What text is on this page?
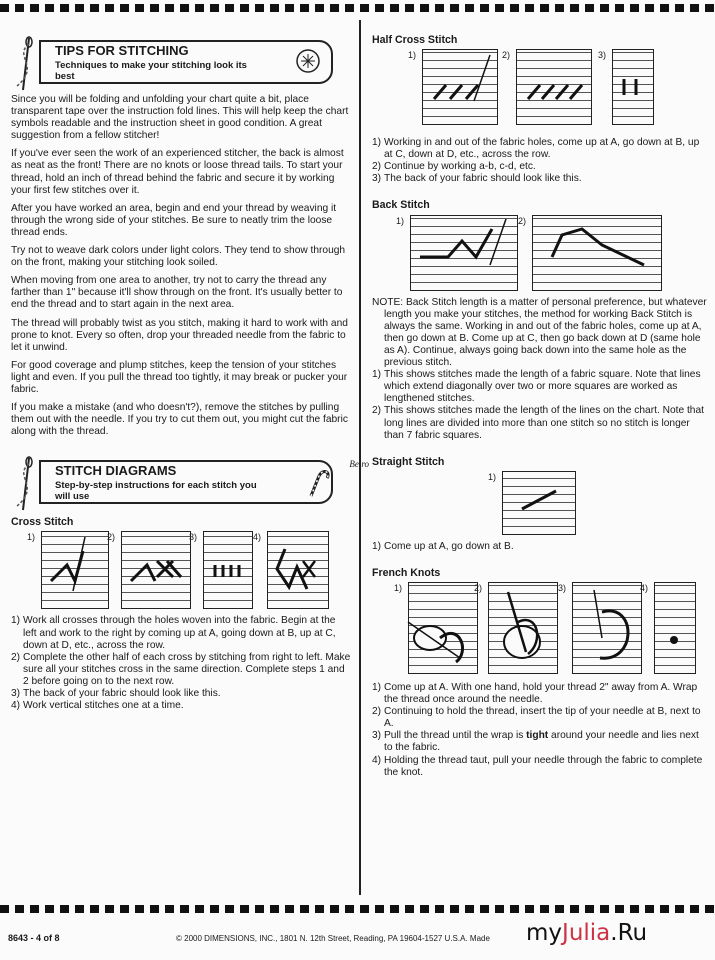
TIPS FOR STITCHING
Techniques to make your stitching look its best

Since you will be folding and unfolding your chart quite a bit, place transparent tape over the instruction fold lines. This will help keep the chart symbols readable and the instruction sheet in good condition. A great suggestion from a fellow stitcher!

If you've ever seen the work of an experienced stitcher, the back is almost as neat as the front! There are no knots or loose thread tails. To start your thread, hold an inch of thread behind the fabric and secure it by working your first few stitches over it.

After you have worked an area, begin and end your thread by weaving it through the wrong side of your stitches. Be sure to neatly trim the loose thread ends.

Try not to weave dark colors under light colors. They tend to show through on the front, making your stitching look soiled.

When moving from one area to another, try not to carry the thread any farther than 1" because it'll show through on the front. It's usually better to end the thread and to start again in the next area.

The thread will probably twist as you stitch, making it hard to work with and prone to knot. Every so often, drop your threaded needle from the fabric to let it unwind.

For good coverage and plump stitches, keep the tension of your stitches light and even. If you pull the thread too tightly, it may break or pucker your fabric.

If you make a mistake (and who doesn't?), remove the stitches by pulling them out with the needle. If you try to cut them out, you might cut the fabric along with the thread.

STITCH DIAGRAMS
Step-by-step instructions for each stitch you will use
Beiro
Cross Stitch
1)	2)	3)	4)
1) Work all crosses through the holes woven into the fabric. Begin at the left and work to the right by coming up at A, going down at B, up at C, down at D, etc., across the row.
2) Complete the other half of each cross by stitching from right to left. Make sure all your stitches cross in the same direction. Complete steps 1 and 2 before going on to the next row.
3) The back of your fabric should look like this.
4) Work vertical stitches one at a time.
Half Cross Stitch
1)	2)	3)
1) Working in and out of the fabric holes, come up at A, go down at B, up at C, down at D, etc., across the row.
2) Continue by working a-b, c-d, etc.
3) The back of your fabric should look like this.
Back Stitch
1)	2)

NOTE: Back Stitch length is a matter of personal preference, but whatever length you make your stitches, the method for working Back Stitch is always the same. Working in and out of the fabric holes, come up at A, then go down at B. Come up at C, then go back down at D (same hole as A). Continue, always going back down into the same hole as the previous stitch.

1) This shows stitches made the length of a fabric square. Note that lines which extend diagonally over two or more squares are worked as lengthened stitches.
2) This shows stitches made the length of the lines on the chart. Note that long lines are divided into more than one stitch so no stitch is longer than 7 fabric squares.
Straight Stitch
1)
1) Come up at A, go down at B.
French Knots
1)	2)	3)	4)
1) Come up at A. With one hand, hold your thread 2" away from A. Wrap the thread once around the needle.
2) Continuing to hold the thread, insert the tip of your needle at B, next to A.
3) Pull the thread until the wrap is tight around your needle and lies next to the fabric.
4) Holding the thread taut, pull your needle through the fabric to complete the knot.
8643 - 4 of 8	© 2000 DIMENSIONS, INC., 1801 N. 12th Street, Reading, PA 19604-1527 U.S.A. Made myJulia.Ru
